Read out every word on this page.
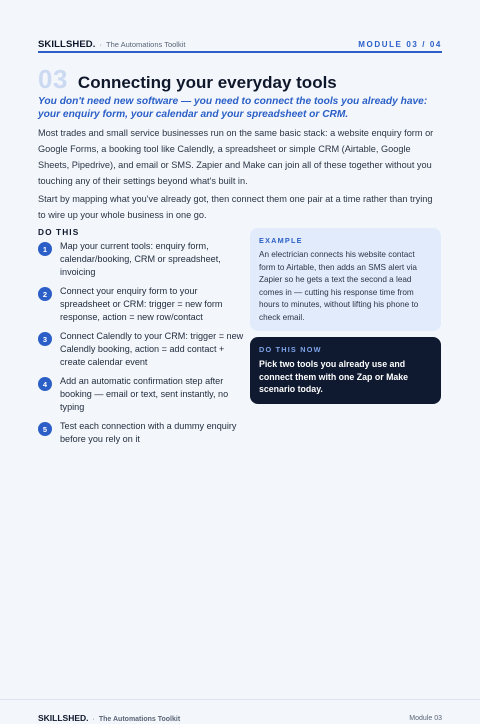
SKILLSHED. · The Automations Toolkit	MODULE 03 / 04
03 Connecting your everyday tools

You don't need new software — you need to connect the tools you already have: your enquiry form, your calendar and your spreadsheet or CRM.

Most trades and small service businesses run on the same basic stack: a website enquiry form or Google Forms, a booking tool like Calendly, a spreadsheet or simple CRM (Airtable, Google Sheets, Pipedrive), and email or SMS. Zapier and Make can join all of these together without you touching any of their settings beyond what's built in.

Start by mapping what you've already got, then connect them one pair at a time rather than trying to wire up your whole business in one go.

DO THIS
1	Map your current tools: enquiry form, calendar/booking, CRM or spreadsheet, invoicing
2	Connect your enquiry form to your spreadsheet or CRM: trigger = new form response, action = new row/contact
3	Connect Calendly to your CRM: trigger = new Calendly booking, action = add contact + create calendar event
4	Add an automatic confirmation step after booking — email or text, sent instantly, no typing
5	Test each connection with a dummy enquiry before you rely on it
EXAMPLE

An electrician connects his website contact form to Airtable, then adds an SMS alert via Zapier so he gets a text the second a lead comes in — cutting his response time from hours to minutes, without lifting his phone to check email.

DO THIS NOW

Pick two tools you already use and connect them with one Zap or Make scenario today.

SKILLSHED. · The Automations Toolkit	Module 03
